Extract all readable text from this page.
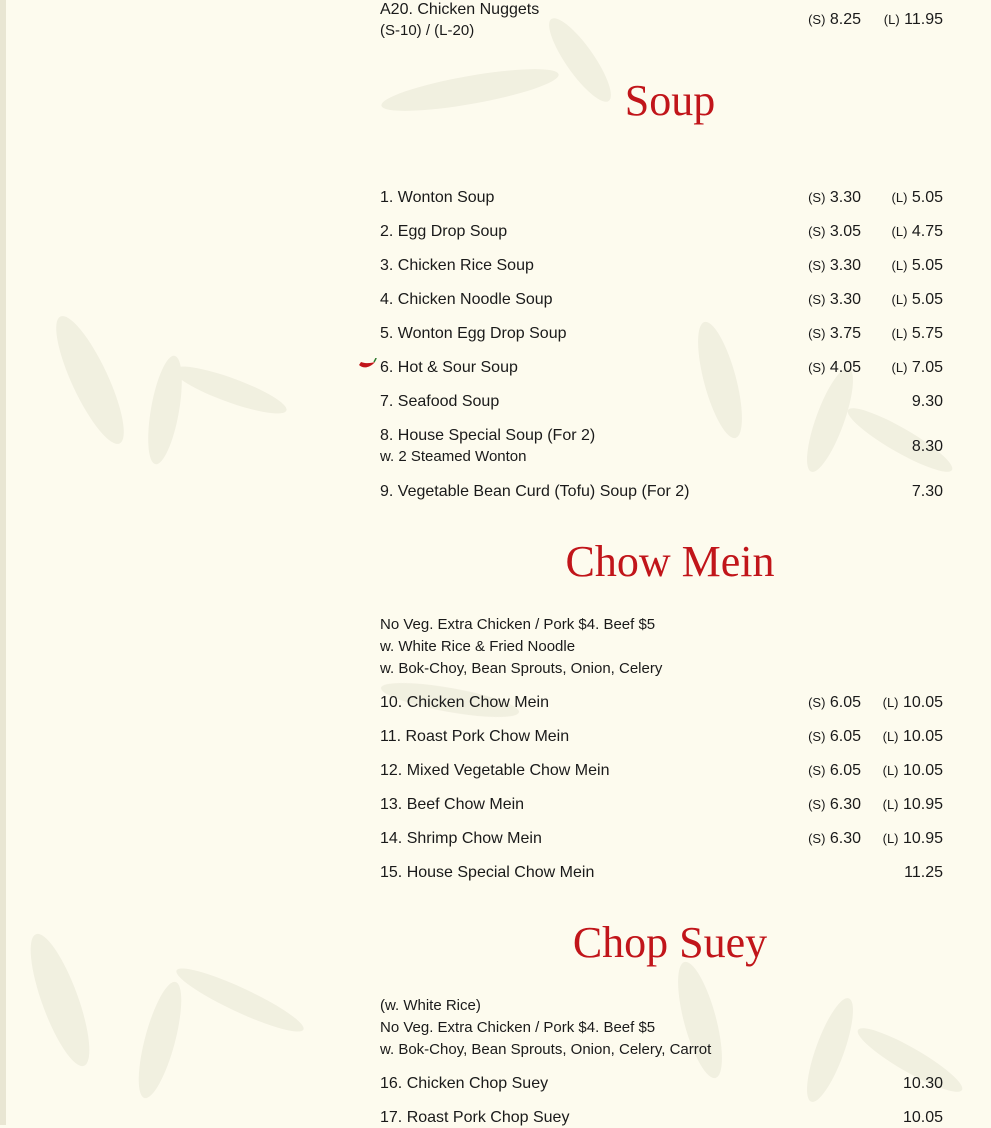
A20. Chicken Nuggets
(S-10) / (L-20)
(S) 8.25 (L) 11.95
Soup
1. Wonton Soup	(S) 3.30 (L) 5.05
2. Egg Drop Soup	(S) 3.05 (L) 4.75
3. Chicken Rice Soup	(S) 3.30 (L) 5.05
4. Chicken Noodle Soup	(S) 3.30 (L) 5.05
5. Wonton Egg Drop Soup	(S) 3.75 (L) 5.75
6. Hot & Sour Soup	(S) 4.05 (L) 7.05
7. Seafood Soup	9.30
8. House Special Soup (For 2)
w. 2 Steamed Wonton
8.30
9. Vegetable Bean Curd (Tofu) Soup (For 2)	7.30
Chow Mein
No Veg. Extra Chicken / Pork $4. Beef $5
w. White Rice & Fried Noodle
w. Bok-Choy, Bean Sprouts, Onion, Celery
10. Chicken Chow Mein	(S) 6.05 (L) 10.05
11. Roast Pork Chow Mein	(S) 6.05 (L) 10.05
12. Mixed Vegetable Chow Mein	(S) 6.05 (L) 10.05
13. Beef Chow Mein	(S) 6.30 (L) 10.95
14. Shrimp Chow Mein	(S) 6.30 (L) 10.95
15. House Special Chow Mein	11.25
Chop Suey
(w. White Rice)
No Veg. Extra Chicken / Pork $4. Beef $5
w. Bok-Choy, Bean Sprouts, Onion, Celery, Carrot
16. Chicken Chop Suey	10.30
17. Roast Pork Chop Suey	10.05
